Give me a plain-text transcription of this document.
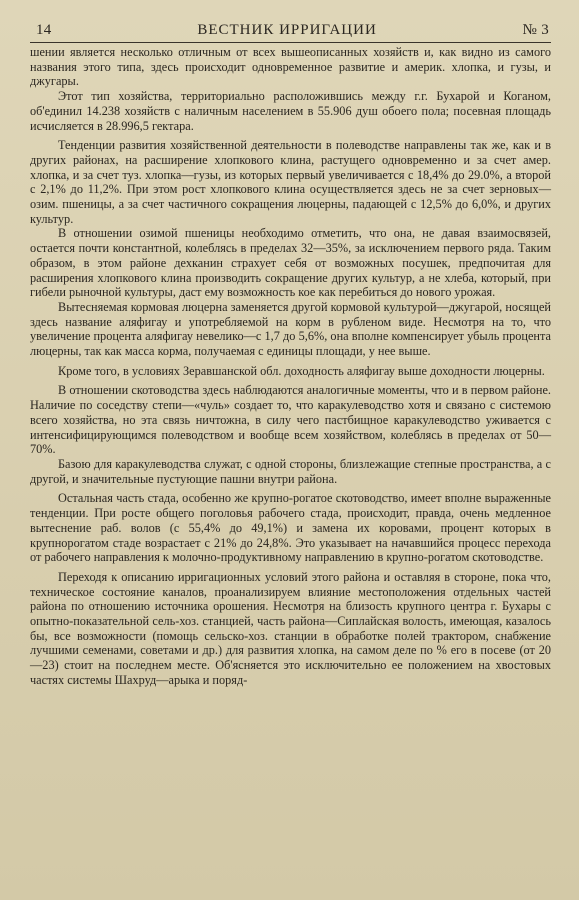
14	ВЕСТНИК ИРРИГАЦИИ	№ 3

шении является несколько отличным от всех вышеописанных хозяйств и, как видно из самого названия этого типа, здесь происходит одновременное развитие и америк. хлопка, и гузы, и джугары.

Этот тип хозяйства, территориально расположившись между г.г. Бухарой и Коганом, об'единил 14.238 хозяйств с наличным населением в 55.906 душ обоего пола; посевная площадь исчисляется в 28.996,5 гектара.

Тенденции развития хозяйственной деятельности в полеводстве направлены так же, как и в других районах, на расширение хлопкового клина, растущего одновременно и за счет амер. хлопка, и за счет туз. хлопка—гузы, из которых первый увеличивается с 18,4% до 29.0%, а второй с 2,1% до 11,2%. При этом рост хлопкового клина осуществляется здесь не за счет зерновых—озим. пшеницы, а за счет частичного сокращения люцерны, падающей с 12,5% до 6,0%, и других культур.

В отношении озимой пшеницы необходимо отметить, что она, не давая взаимосвязей, остается почти константной, колеблясь в пределах 32—35%, за исключением первого ряда. Таким образом, в этом районе дехканин страхует себя от возможных посушек, предпочитая для расширения хлопкового клина производить сокращение других культур, а не хлеба, который, при гибели рыночной культуры, даст ему возможность кое как перебиться до нового урожая.

Вытесняемая кормовая люцерна заменяется другой кормовой культурой—джугарой, носящей здесь название аляфигау и употребляемой на корм в рубленом виде. Несмотря на то, что увеличение процента аляфигау невелико—с 1,7 до 5,6%, она вполне компенсирует убыль процента люцерны, так как масса корма, получаемая с единицы площади, у нее выше.

Кроме того, в условиях Зеравшанской обл. доходность аляфигау выше доходности люцерны.

В отношении скотоводства здесь наблюдаются аналогичные моменты, что и в первом районе. Наличие по соседству степи—«чуль» создает то, что каракулеводство хотя и связано с системою всего хозяйства, но эта связь ничтожна, в силу чего пастбищное каракулеводство уживается с интенсифицирующимся полеводством и вообще всем хозяйством, колеблясь в пределах от 50—70%.

Базою для каракулеводства служат, с одной стороны, близлежащие степные пространства, а с другой, и значительные пустующие пашни внутри района.

Остальная часть стада, особенно же крупно-рогатое скотоводство, имеет вполне выраженные тенденции. При росте общего поголовья рабочего стада, происходит, правда, очень медленное вытеснение раб. волов (с 55,4% до 49,1%) и замена их коровами, процент которых в крупнорогатом стаде возрастает с 21% до 24,8%. Это указывает на начавшийся процесс перехода от рабочего направления к молочно-продуктивному направлению в крупно-рогатом скотоводстве.

Переходя к описанию ирригационных условий этого района и оставляя в стороне, пока что, техническое состояние каналов, проанализируем влияние местоположения отдельных частей района по отношению источника орошения. Несмотря на близость крупного центра г. Бухары с опытно-показательной сель-хоз. станцией, часть района—Сиплайская волость, имеющая, казалось бы, все возможности (помощь сельско-хоз. станции в обработке полей трактором, снабжение лучшими семенами, советами и др.) для развития хлопка, на самом деле по % его в посеве (от 20—23) стоит на последнем месте. Об'ясняется это исключительно ее положением на хвостовых частях системы Шахруд—арыка и поряд-
